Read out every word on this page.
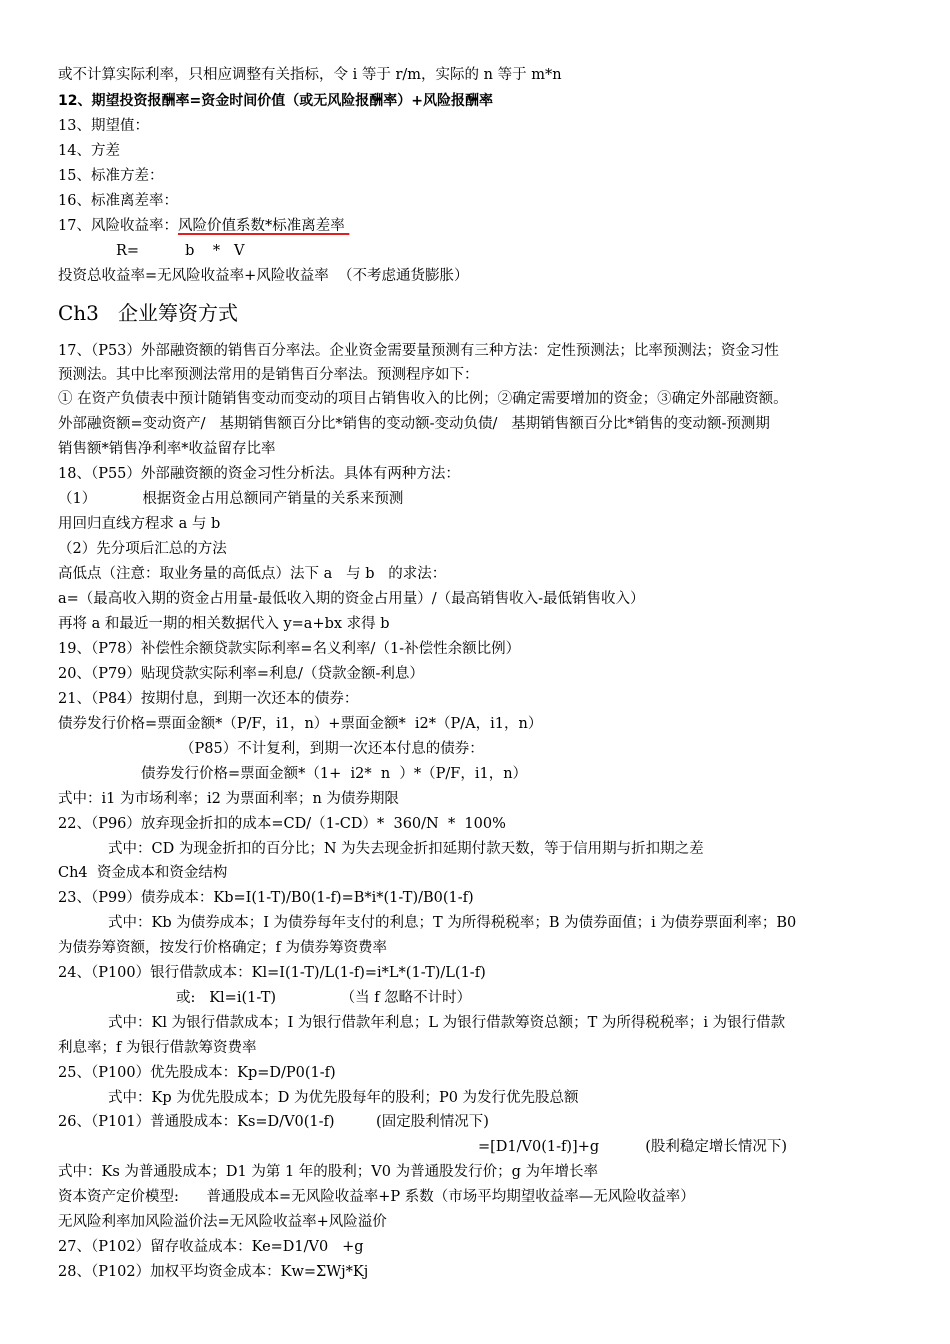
或不计算实际利率，只相应调整有关指标，令 i 等于 r/m，实际的 n 等于 m*n
12、期望投资报酬率=资金时间价值（或无风险报酬率）+风险报酬率
13、期望值：
14、方差
15、标准方差：
16、标准离差率：
17、风险收益率：风险价值系数*标准离差率
R=          b    *   V
投资总收益率=无风险收益率+风险收益率  （不考虑通货膨胀）
Ch3   企业筹资方式
17、（P53）外部融资额的销售百分率法。企业资金需要量预测有三种方法：定性预测法；比率预测法；资金习性
预测法。其中比率预测法常用的是销售百分率法。预测程序如下：
① 在资产负债表中预计随销售变动而变动的项目占销售收入的比例；②确定需要增加的资金；③确定外部融资额。
外部融资额=变动资产/   基期销售额百分比*销售的变动额-变动负债/   基期销售额百分比*销售的变动额-预测期
销售额*销售净利率*收益留存比率
18、（P55）外部融资额的资金习性分析法。具体有两种方法：
（1）          根据资金占用总额同产销量的关系来预测
用回归直线方程求 a 与 b
（2）先分项后汇总的方法
高低点（注意：取业务量的高低点）法下 a   与 b   的求法：
a=（最高收入期的资金占用量-最低收入期的资金占用量）/（最高销售收入-最低销售收入）
再将 a 和最近一期的相关数据代入 y=a+bx 求得 b
19、（P78）补偿性余额贷款实际利率=名义利率/（1-补偿性余额比例）
20、（P79）贴现贷款实际利率=利息/（贷款金额-利息）
21、（P84）按期付息，到期一次还本的债券：
债券发行价格=票面金额*（P/F，i1，n）+票面金额*  i2*（P/A，i1，n）
（P85）不计复利，到期一次还本付息的债券：
债券发行价格=票面金额*（1+  i2*  n  ）*（P/F，i1，n）
式中：i1 为市场利率；i2 为票面利率；n 为债券期限
22、（P96）放弃现金折扣的成本=CD/（1-CD）*  360/N  *  100%
式中：CD 为现金折扣的百分比；N 为失去现金折扣延期付款天数，等于信用期与折扣期之差
Ch4  资金成本和资金结构
23、（P99）债券成本：Kb=I(1-T)/B0(1-f)=B*i*(1-T)/B0(1-f)
式中：Kb 为债券成本；I 为债券每年支付的利息；T 为所得税税率；B 为债券面值；i 为债券票面利率；B0
为债券筹资额，按发行价格确定；f 为债券筹资费率
24、（P100）银行借款成本：Kl=I(1-T)/L(1-f)=i*L*(1-T)/L(1-f)
或:   Kl=i(1-T)              （当 f 忽略不计时）
式中：Kl 为银行借款成本；I 为银行借款年利息；L 为银行借款筹资总额；T 为所得税税率；i 为银行借款
利息率；f 为银行借款筹资费率
25、（P100）优先股成本：Kp=D/P0(1-f)
式中：Kp 为优先股成本；D 为优先股每年的股利；P0 为发行优先股总额
26、（P101）普通股成本：Ks=D/V0(1-f)         (固定股利情况下)
=[D1/V0(1-f)]+g          (股利稳定增长情况下)
式中：Ks 为普通股成本；D1 为第 1 年的股利；V0 为普通股发行价；g 为年增长率
资本资产定价模型:      普通股成本=无风险收益率+P 系数（市场平均期望收益率—无风险收益率）
无风险利率加风险溢价法=无风险收益率+风险溢价
27、（P102）留存收益成本：Ke=D1/V0   +g
28、（P102）加权平均资金成本：Kw=ΣWj*Kj
